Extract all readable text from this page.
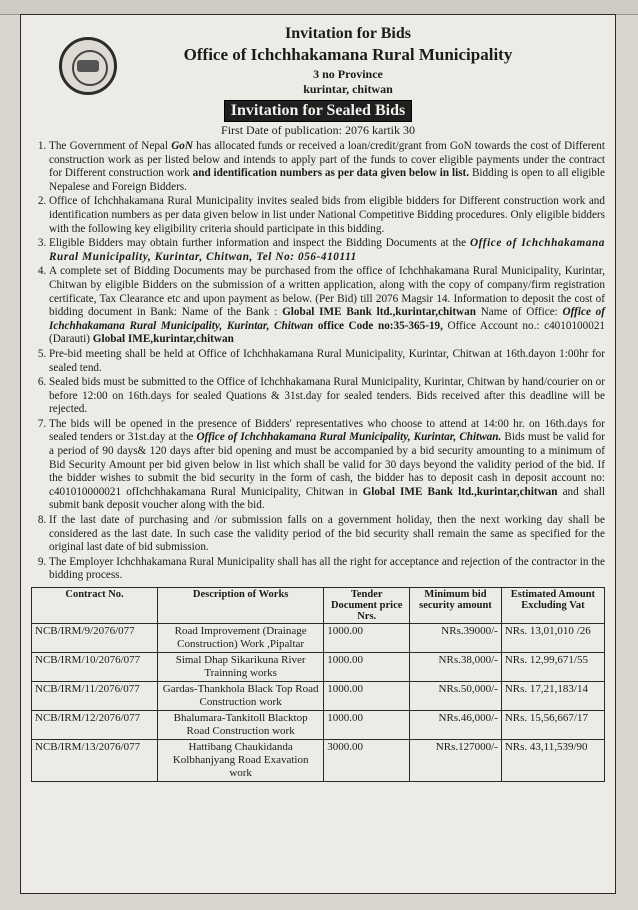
Invitation for Bids
Office of Ichchhakamana Rural Municipality
3 no Province
kurintar, chitwan
Invitation for Sealed Bids
First Date of publication: 2076 kartik 30
1. The Government of Nepal GoN has allocated funds or received a loan/credit/grant from GoN towards the cost of Different construction work as per listed below and intends to apply part of the funds to cover eligible payments under the contract for Different construction work and identification numbers as per data given below in list. Bidding is open to all eligible Nepalese and Foreign Bidders.
2. Office of Ichchhakamana Rural Municipality invites sealed bids from eligible bidders for Different construction work and identification numbers as per data given below in list under National Competitive Bidding procedures. Only eligible bidders with the following key eligibility criteria should participate in this bidding.
3. Eligible Bidders may obtain further information and inspect the Bidding Documents at the Office of Ichchhakamana Rural Municipality, Kurintar, Chitwan, Tel No: 056-410111
4. A complete set of Bidding Documents may be purchased from the office of Ichchhakamana Rural Municipality, Kurintar, Chitwan by eligible Bidders on the submission of a written application, along with the copy of company/firm registration certificate, Tax Clearance etc and upon payment as below. (Per Bid) till 2076 Magsir 14. Information to deposit the cost of bidding document in Bank: Name of the Bank : Global IME Bank ltd.,kurintar,chitwan Name of Office: Office of Ichchhakamana Rural Municipality, Kurintar, Chitwan office Code no:35-365-19, Office Account no.: c4010100021 (Darauti) Global IME,kurintar,chitwan
5. Pre-bid meeting shall be held at Office of Ichchhakamana Rural Municipality, Kurintar, Chitwan at 16th.dayon 1:00hr for sealed tend.
6. Sealed bids must be submitted to the Office of Ichchhakamana Rural Municipality, Kurintar, Chitwan by hand/courier on or before 12:00 on 16th.days for sealed Quations & 31st.day for sealed tenders. Bids received after this deadline will be rejected.
7. The bids will be opened in the presence of Bidders' representatives who choose to attend at 14:00 hr. on 16th.days for sealed tenders or 31st.day at the Office of Ichchhakamana Rural Municipality, Kurintar, Chitwan. Bids must be valid for a period of 90 days& 120 days after bid opening and must be accompanied by a bid security amounting to a minimum of Bid Security Amount per bid given below in list which shall be valid for 30 days beyond the validity period of the bid. If the bidder wishes to submit the bid security in the form of cash, the bidder has to deposit cash in deposit account no: c401010000021 ofIchchhakamana Rural Municipality, Chitwan in Global IME Bank ltd.,kurintar,chitwan and shall submit bank deposit voucher along with the bid.
8. If the last date of purchasing and /or submission falls on a government holiday, then the next working day shall be considered as the last date. In such case the validity period of the bid security shall remain the same as specified for the original last date of bid submission.
9. The Employer Ichchhakamana Rural Municipality shall has all the right for acceptance and rejection of the contractor in the bidding process.
Contract No.	Description of Works	Tender Document price Nrs.	Minimum bid security amount	Estimated Amount Excluding Vat
NCB/IRM/9/2076/077	Road Improvement (Drainage Construction) Work ,Pipaltar	1000.00	NRs.39000/-	NRs. 13,01,010 /26
NCB/IRM/10/2076/077	Simal Dhap Sikarikuna River Trainning works	1000.00	NRs.38,000/-	NRs. 12,99,671/55
NCB/IRM/11/2076/077	Gardas-Thankhola Black Top Road Construction work	1000.00	NRs.50,000/-	NRs. 17,21,183/14
NCB/IRM/12/2076/077	Bhalumara-Tankitoll Blacktop Road Construction work	1000.00	NRs.46,000/-	NRs. 15,56,667/17
NCB/IRM/13/2076/077	Hattibang Chaukidanda Kolbhanjyang Road Exavation work	3000.00	NRs.127000/-	NRs. 43,11,539/90
